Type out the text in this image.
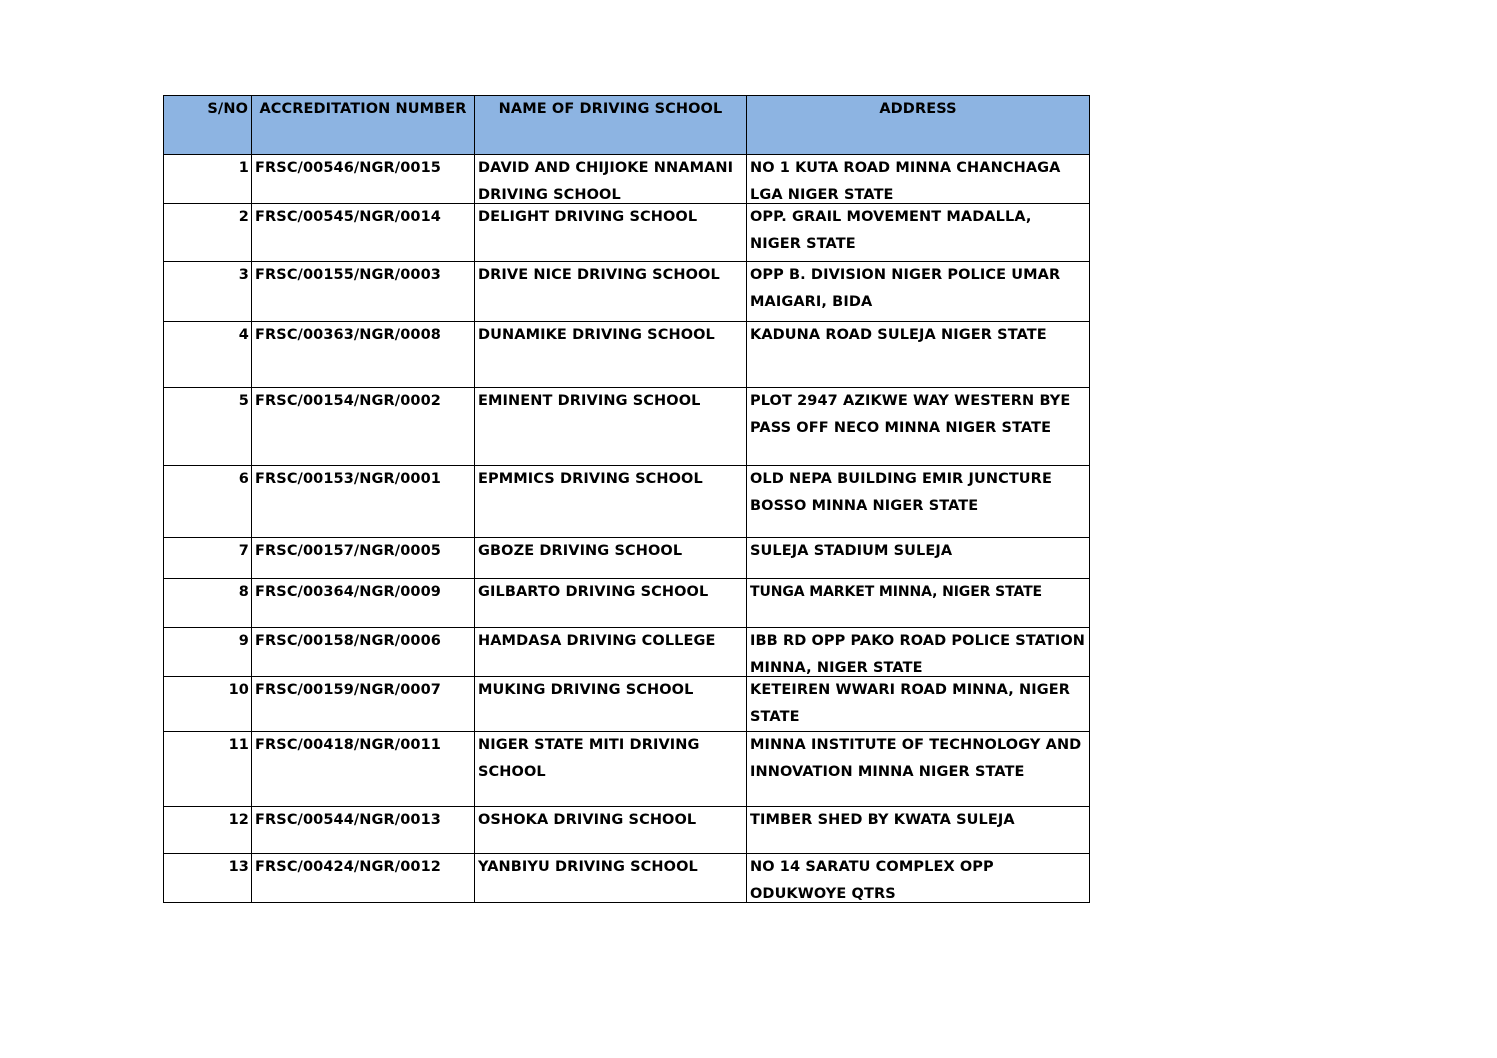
S/NO	ACCREDITATION NUMBER	NAME OF DRIVING SCHOOL	ADDRESS
1	FRSC/00546/NGR/0015	DAVID AND CHIJIOKE NNAMANI DRIVING SCHOOL	NO 1 KUTA ROAD MINNA CHANCHAGA LGA NIGER STATE

2	FRSC/00545/NGR/0014	DELIGHT DRIVING SCHOOL	OPP. GRAIL MOVEMENT MADALLA, NIGER STATE

3	FRSC/00155/NGR/0003	DRIVE NICE DRIVING SCHOOL	OPP B. DIVISION NIGER POLICE UMAR MAIGARI, BIDA

4	FRSC/00363/NGR/0008	DUNAMIKE DRIVING SCHOOL	KADUNA ROAD SULEJA NIGER STATE

5	FRSC/00154/NGR/0002	EMINENT DRIVING SCHOOL	PLOT 2947 AZIKWE WAY WESTERN BYE PASS OFF NECO MINNA NIGER STATE

6	FRSC/00153/NGR/0001	EPMMICS DRIVING SCHOOL	OLD NEPA BUILDING EMIR JUNCTURE BOSSO MINNA NIGER STATE

7	FRSC/00157/NGR/0005	GBOZE DRIVING SCHOOL	SULEJA STADIUM SULEJA

8	FRSC/00364/NGR/0009	GILBARTO DRIVING SCHOOL	TUNGA MARKET MINNA, NIGER STATE

9	FRSC/00158/NGR/0006	HAMDASA DRIVING COLLEGE	IBB RD OPP PAKO ROAD POLICE STATION MINNA, NIGER STATE

10	FRSC/00159/NGR/0007	MUKING DRIVING SCHOOL	KETEIREN WWARI ROAD MINNA, NIGER STATE

11	FRSC/00418/NGR/0011	NIGER STATE MITI DRIVING SCHOOL	MINNA INSTITUTE OF TECHNOLOGY AND INNOVATION MINNA NIGER STATE

12	FRSC/00544/NGR/0013	OSHOKA DRIVING SCHOOL	TIMBER SHED BY KWATA SULEJA

13	FRSC/00424/NGR/0012	YANBIYU DRIVING SCHOOL	NO 14 SARATU COMPLEX OPP ODUKWOYE QTRS
